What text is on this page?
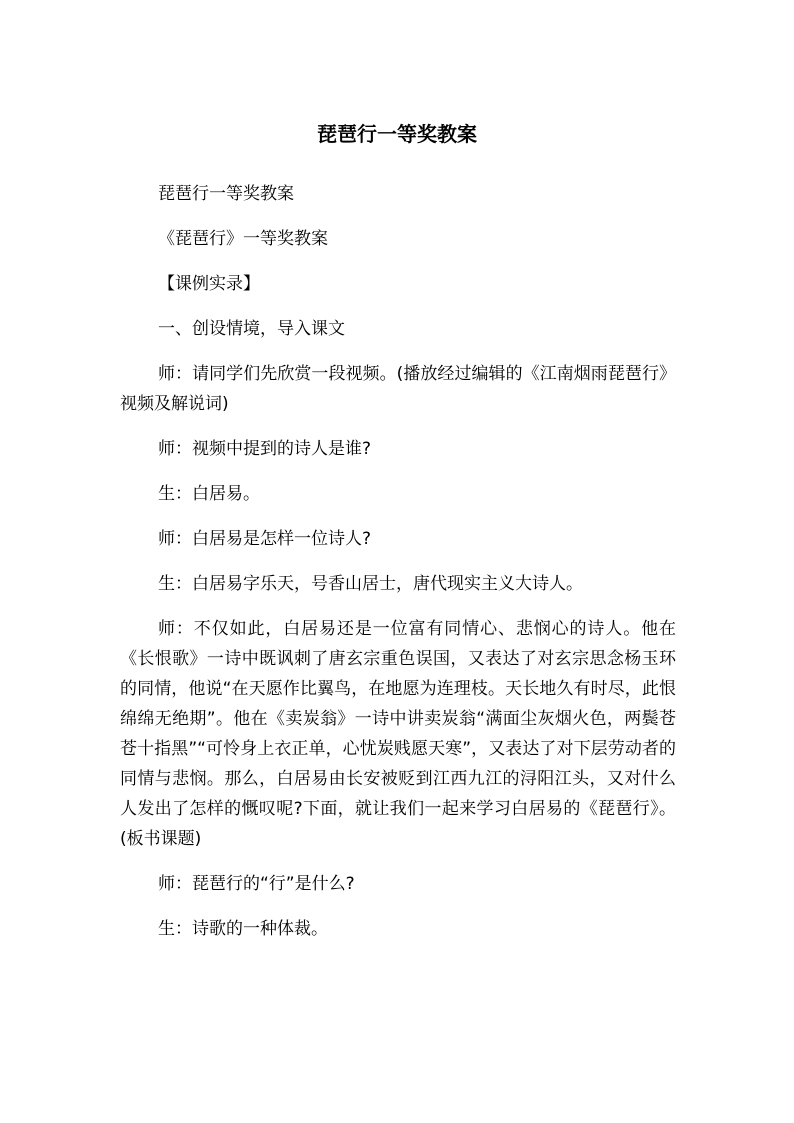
琵琶行一等奖教案

琵琶行一等奖教案

《琵琶行》一等奖教案

【课例实录】

一、创设情境，导入课文

师：请同学们先欣赏一段视频。(播放经过编辑的《江南烟雨琵琶行》视频及解说词)

师：视频中提到的诗人是谁?

生：白居易。

师：白居易是怎样一位诗人?

生：白居易字乐天，号香山居士，唐代现实主义大诗人。

师：不仅如此，白居易还是一位富有同情心、悲悯心的诗人。他在《长恨歌》一诗中既讽刺了唐玄宗重色误国，又表达了对玄宗思念杨玉环的同情，他说“在天愿作比翼鸟，在地愿为连理枝。天长地久有时尽，此恨绵绵无绝期”。他在《卖炭翁》一诗中讲卖炭翁“满面尘灰烟火色，两鬓苍苍十指黑”“可怜身上衣正单，心忧炭贱愿天寒”，又表达了对下层劳动者的同情与悲悯。那么，白居易由长安被贬到江西九江的浔阳江头，又对什么人发出了怎样的慨叹呢?下面，就让我们一起来学习白居易的《琵琶行》。(板书课题)

师：琵琶行的“行”是什么?

生：诗歌的一种体裁。
